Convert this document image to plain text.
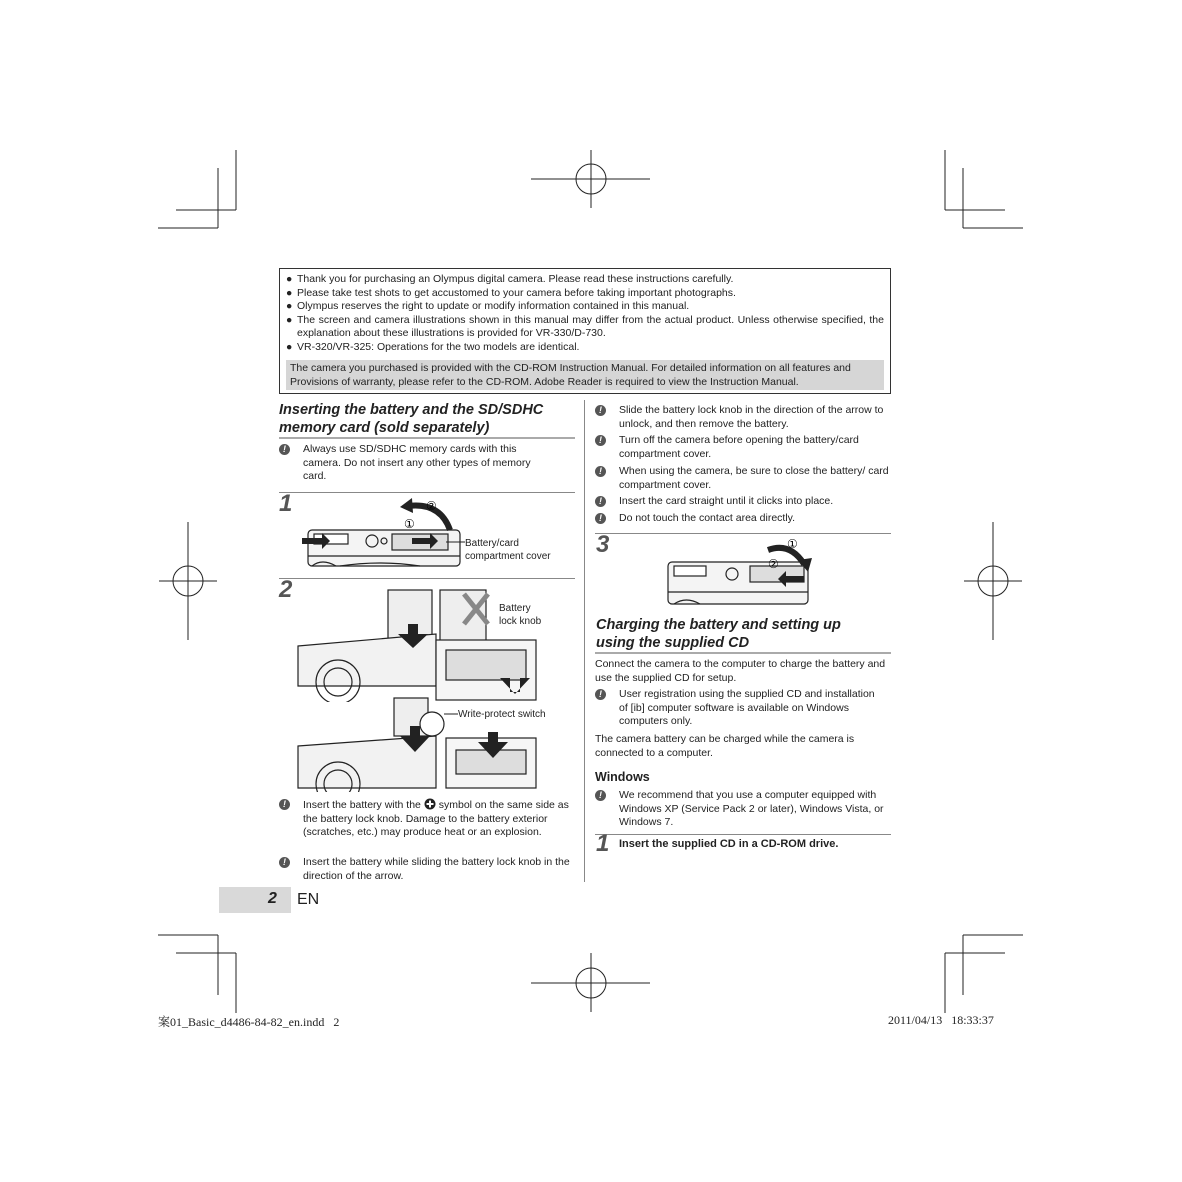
● Thank you for purchasing an Olympus digital camera. Please read these instructions carefully.
● Please take test shots to get accustomed to your camera before taking important photographs.
● Olympus reserves the right to update or modify information contained in this manual.
● The screen and camera illustrations shown in this manual may differ from the actual product. Unless otherwise specified, the explanation about these illustrations is provided for VR-330/D-730.
● VR-320/VR-325: Operations for the two models are identical.
The camera you purchased is provided with the CD-ROM Instruction Manual. For detailed information on all features and Provisions of warranty, please refer to the CD-ROM. Adobe Reader is required to view the Instruction Manual.
Inserting the battery and the SD/SDHC
memory card (sold separately)
!	Always use SD/SDHC memory cards with this camera. Do not insert any other types of memory card.
1
①
②
Battery/card
compartment cover
2
Battery
lock knob
Write-protect switch
!	Insert the battery with the symbol on the same side as the battery lock knob. Damage to the battery exterior (scratches, etc.) may produce heat or an explosion.
!	Insert the battery while sliding the battery lock knob in the direction of the arrow.
2 EN
!	Slide the battery lock knob in the direction of the arrow to unlock, and then remove the battery.
!	Turn off the camera before opening the battery/card compartment cover.
!	When using the camera, be sure to close the battery/ card compartment cover.
!	Insert the card straight until it clicks into place.
!	Do not touch the contact area directly.
3	①
②
Charging the battery and setting up
using the supplied CD
Connect the camera to the computer to charge the battery and use the supplied CD for setup.
!	User registration using the supplied CD and installation of [ib] computer software is available on Windows computers only.
The camera battery can be charged while the camera is connected to a computer.
Windows
!	We recommend that you use a computer equipped with Windows XP (Service Pack 2 or later), Windows Vista, or Windows 7.
1 Insert the supplied CD in a CD-ROM drive.
案01_Basic_d4486-84-82_en.indd   2	2011/04/13   18:33:37
